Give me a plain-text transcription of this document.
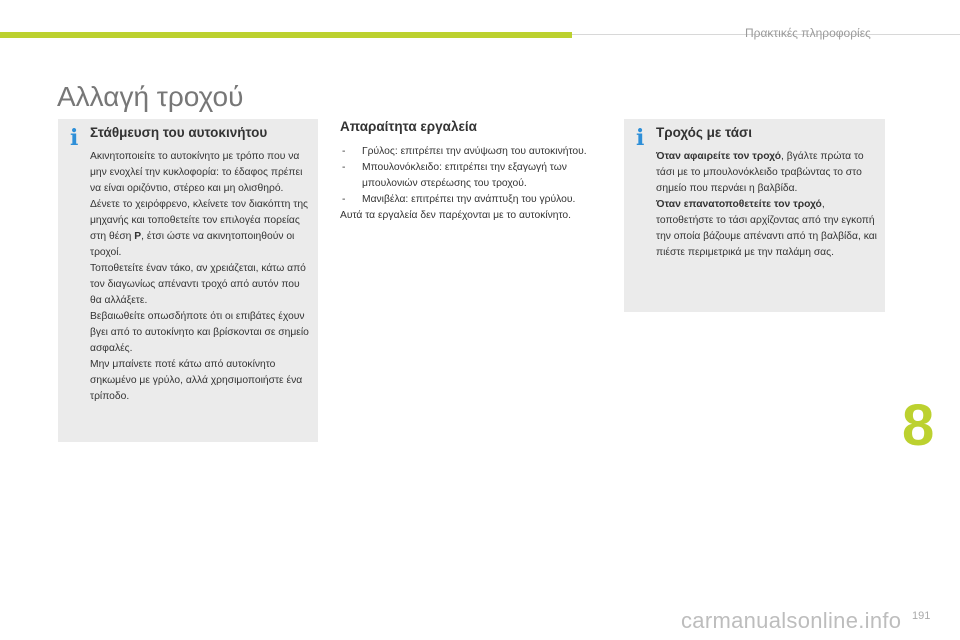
Πρακτικές πληροφορίες
Αλλαγή τροχού
i Στάθμευση του αυτοκινήτου

Ακινητοποιείτε το αυτοκίνητο με τρόπο που να μην ενοχλεί την κυκλοφορία: το έδαφος πρέπει να είναι οριζόντιο, στέρεο και μη ολισθηρό.

Δένετε το χειρόφρενο, κλείνετε τον διακόπτη της μηχανής και τοποθετείτε τον επιλογέα πορείας στη θέση P, έτσι ώστε να ακινητοποιηθούν οι τροχοί.

Τοποθετείτε έναν τάκο, αν χρειάζεται, κάτω από τον διαγωνίως απέναντι τροχό από αυτόν που θα αλλάξετε.

Βεβαιωθείτε οπωσδήποτε ότι οι επιβάτες έχουν βγει από το αυτοκίνητο και βρίσκονται σε σημείο ασφαλές.

Μην μπαίνετε ποτέ κάτω από αυτοκίνητο σηκωμένο με γρύλο, αλλά χρησιμοποιήστε ένα τρίποδο.

Απαραίτητα εργαλεία
- Γρύλος: επιτρέπει την ανύψωση του αυτοκινήτου.
- Μπουλονόκλειδο: επιτρέπει την εξαγωγή των μπουλονιών στερέωσης του τροχού.
- Μανιβέλα: επιτρέπει την ανάπτυξη του γρύλου.

Αυτά τα εργαλεία δεν παρέχονται με το αυτοκίνητο.

i Τροχός με τάσι

Όταν αφαιρείτε τον τροχό, βγάλτε πρώτα το τάσι με το μπουλονόκλειδο τραβώντας το στο σημείο που περνάει η βαλβίδα.

Όταν επανατοποθετείτε τον τροχό, τοποθετήστε το τάσι αρχίζοντας από την εγκοπή την οποία βάζουμε απέναντι από τη βαλβίδα, και πιέστε περιμετρικά με την παλάμη σας.

8
carmanualsonline.info 191
